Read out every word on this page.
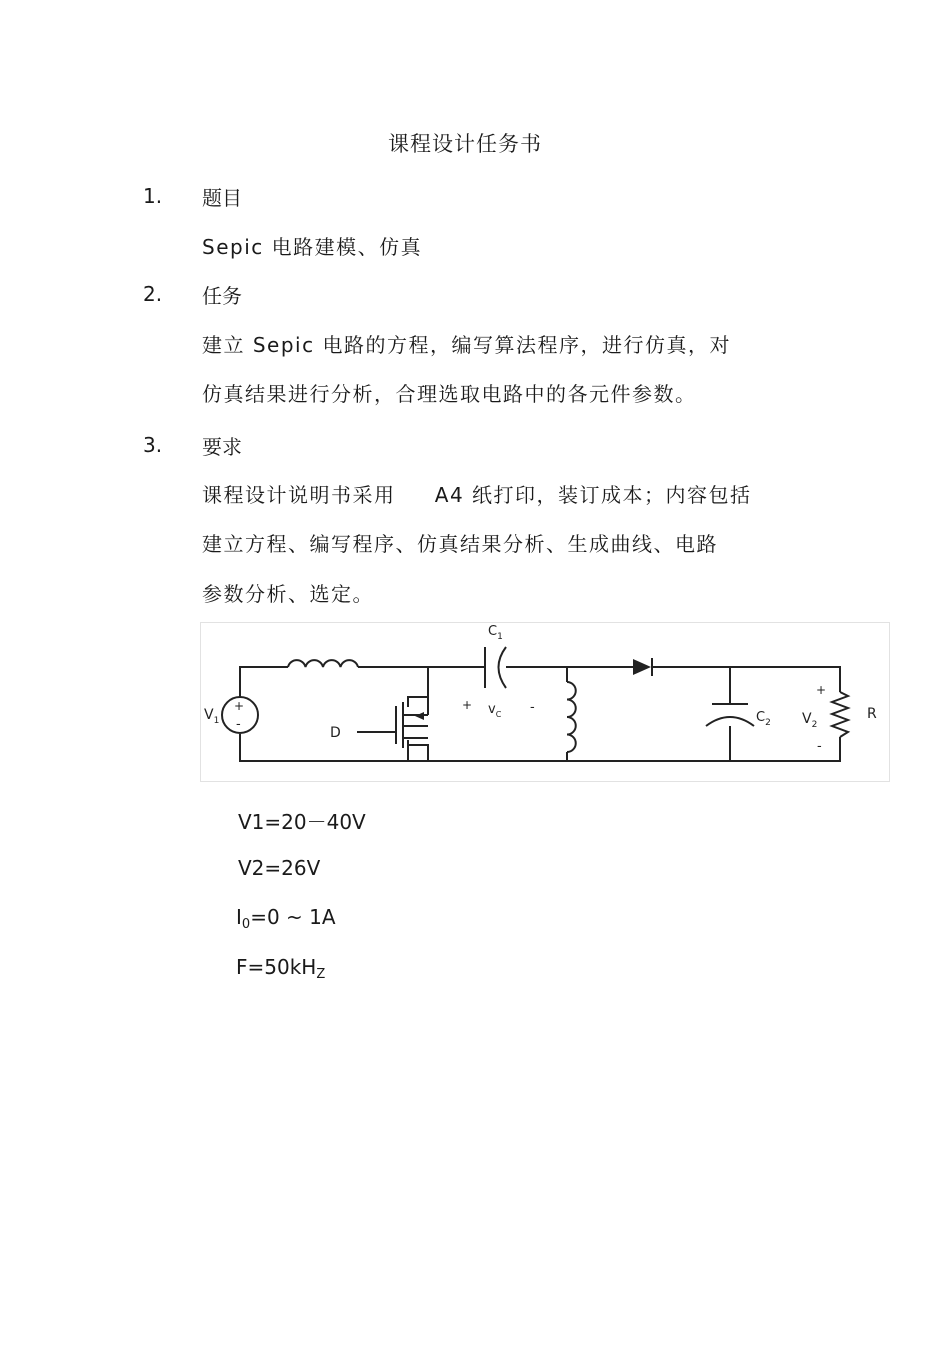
课程设计任务书
1. 题目
Sepic 电路建模、仿真
2. 任务
建立 Sepic 电路的方程，编写算法程序，进行仿真，对
仿真结果进行分析，合理选取电路中的各元件参数。
3. 要求
课程设计说明书采用     A4 纸打印，装订成本；内容包括
建立方程、编写程序、仿真结果分析、生成曲线、电路
参数分析、选定。
+
-
$V_1$
D
$C_1$
+ $v_C$ -
$C_2$
+
$V_2$
-
R
V1=20－40V
V2=26V
$I_0=0$ ~ 1A
$F=50kH_Z$
